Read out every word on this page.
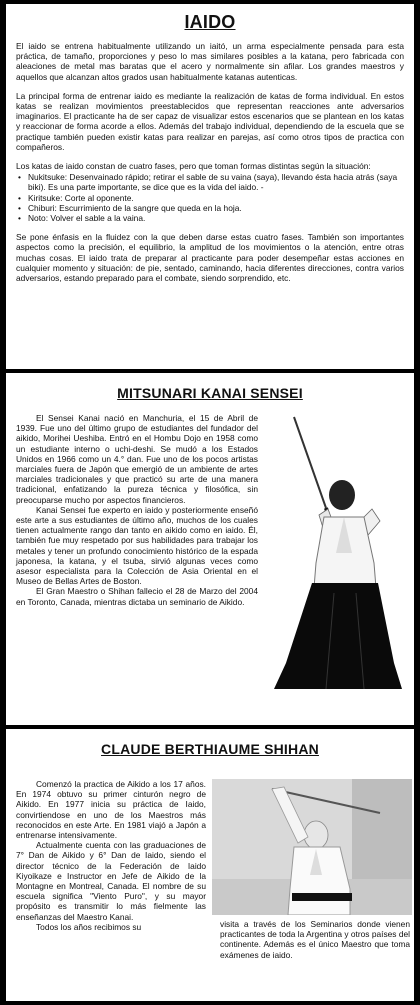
IAIDO

El iaido se entrena habitualmente utilizando un iaitó, un arma especialmente pensada para esta práctica, de tamaño, proporciones y peso lo mas similares posibles a la katana, pero fabricada con aleaciones de metal mas baratas que el acero y normalmente sin afilar. Los grandes maestros y aquellos que alcanzan altos grados usan habitualmente katanas autenticas.

La principal forma de entrenar iaido es mediante la realización de katas de forma individual. En estos katas se realizan movimientos preestablecidos que representan reacciones ante adversarios imaginarios. El practicante ha de ser capaz de visualizar estos escenarios que se plantean en los katas y reaccionar de forma acorde a ellos. Además del trabajo individual, dependiendo de la escuela que se practique también pueden existir katas para realizar en parejas, así como otros tipos de practica con compañeros.

Los katas de iaido constan de cuatro fases, pero que toman formas distintas según la situación:

• Nukitsuke: Desenvainado rápido; retirar el sable de su vaina (saya), llevando ésta hacia atrás (saya biki). Es una parte importante, se dice que es la vida del iaido. -
• Kiritsuke: Corte al oponente.
• Chiburi: Escurrimiento de la sangre que queda en la hoja.
• Noto: Volver el sable a la vaina.

Se pone énfasis en la fluidez con la que deben darse estas cuatro fases. También son importantes aspectos como la precisión, el equilibrio, la amplitud de los movimientos o la atención, entre otras muchas cosas. El iaido trata de preparar al practicante para poder desempeñar estas acciones en cualquier momento y situación: de pie, sentado, caminando, hacia diferentes direcciones, contra varios adversarios, estando preparado para el combate, siendo sorprendido, etc.

MITSUNARI KANAI SENSEI

El Sensei Kanai nació en Manchuria, el 15 de Abril de 1939. Fue uno del último grupo de estudiantes del fundador del aikido, Morihei Ueshiba. Entró en el Hombu Dojo en 1958 como un estudiante interno o uchi-deshi. Se mudó a los Estados Unidos en 1966 como un 4.° dan. Fue uno de los pocos artistas marciales fuera de Japón que emergió de un ambiente de artes marciales tradicionales y que practicó su arte de una manera tradicional, enfatizando la pureza técnica y filosófica, sin preocuparse mucho por aspectos financieros.

Kanai Sensei fue experto en iaido y posteriormente enseñó este arte a sus estudiantes de último año, muchos de los cuales tienen actualmente rango dan tanto en aikido como en iaido. Él, también fue muy respetado por sus habilidades para trabajar los metales y tener un profundo conocimiento histórico de la espada japonesa, la katana, y el tsuba, sirvió algunas veces como asesor especialista para la Colección de Asia Oriental en el Museo de Bellas Artes de Boston.

El Gran Maestro o Shihan fallecio el 28 de Marzo del 2004 en Toronto, Canada, mientras dictaba un seminario de Aikido.

CLAUDE BERTHIAUME SHIHAN

Comenzó la practica de Aikido a los 17 años. En 1974 obtuvo su primer cinturón negro de Aikido. En 1977 inicia su práctica de Iaido, convirtiendose en uno de los Maestros más reconocidos en este Arte. En 1981 viajó a Japón a entrenarse intensivamente.

Actualmente cuenta con las graduaciones de 7° Dan de Aikido y 6° Dan de Iaido, siendo el director técnico de la Federación de Iaido Kiyoikaze e Instructor en Jefe de Aikido de la Montagne en Montreal, Canada. El nombre de su escuela significa "Viento Puro", y su mayor propósito es transmitir lo más fielmente las enseñanzas del Maestro Kanai.

Todos los años recibimos su	visita a través de los Seminarios donde vienen practicantes de toda la Argentina y otros países del continente. Además es el único Maestro que toma exámenes de iaido.
